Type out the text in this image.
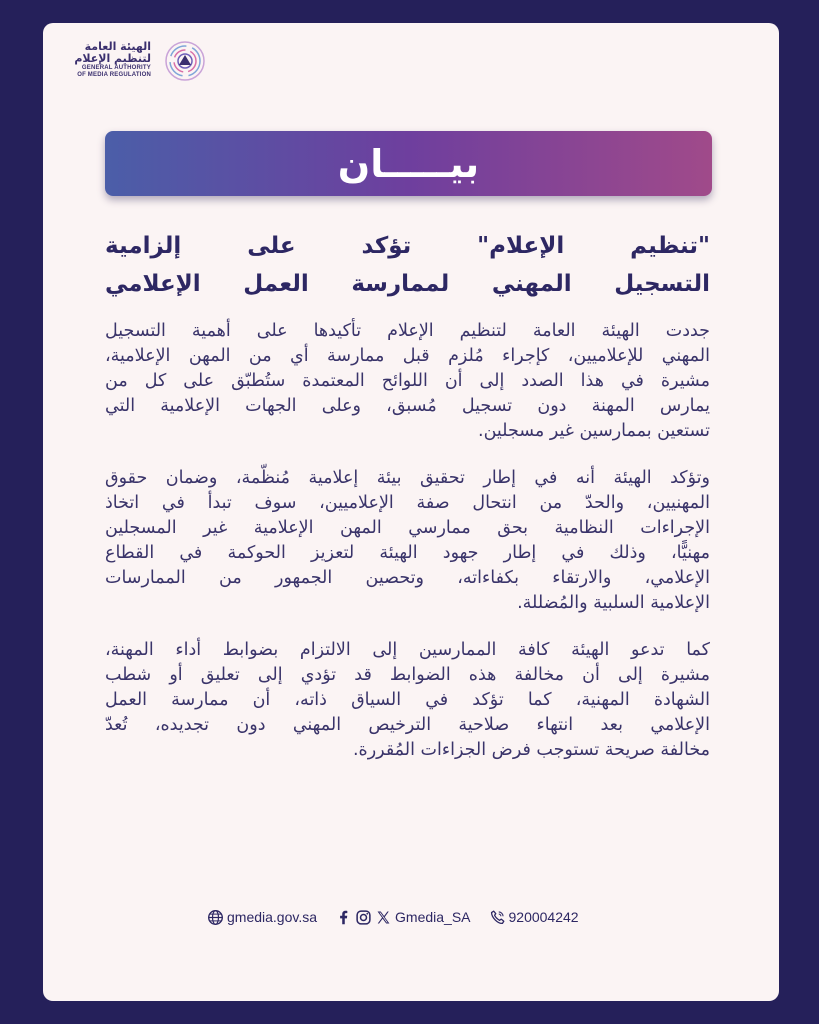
الهيئة العامة
لتنظيم الإعلام
GENERAL AUTHORITY
OF MEDIA REGULATION
بيـــــان
"تنظيم الإعلام" تؤكد على إلزامية
التسجيل المهني لممارسة العمل الإعلامي
جددت الهيئة العامة لتنظيم الإعلام تأكيدها على أهمية التسجيل
المهني للإعلاميين، كإجراء مُلزم قبل ممارسة أي من المهن الإعلامية،
مشيرة في هذا الصدد إلى أن اللوائح المعتمدة ستُطبّق على كل من
يمارس المهنة دون تسجيل مُسبق، وعلى الجهات الإعلامية التي
تستعين بممارسين غير مسجلين.
وتؤكد الهيئة أنه في إطار تحقيق بيئة إعلامية مُنظّمة، وضمان حقوق
المهنيين، والحدّ من انتحال صفة الإعلاميين، سوف تبدأ في اتخاذ
الإجراءات النظامية بحق ممارسي المهن الإعلامية غير المسجلين
مهنيًّا، وذلك في إطار جهود الهيئة لتعزيز الحوكمة في القطاع
الإعلامي، والارتقاء بكفاءاته، وتحصين الجمهور من الممارسات
الإعلامية السلبية والمُضللة.
كما تدعو الهيئة كافة الممارسين إلى الالتزام بضوابط أداء المهنة،
مشيرة إلى أن مخالفة هذه الضوابط قد تؤدي إلى تعليق أو شطب
الشهادة المهنية، كما تؤكد في السياق ذاته، أن ممارسة العمل
الإعلامي بعد انتهاء صلاحية الترخيص المهني دون تجديده، تُعدّ
مخالفة صريحة تستوجب فرض الجزاءات المُقررة.
gmedia.gov.sa	Gmedia_SA	920004242
